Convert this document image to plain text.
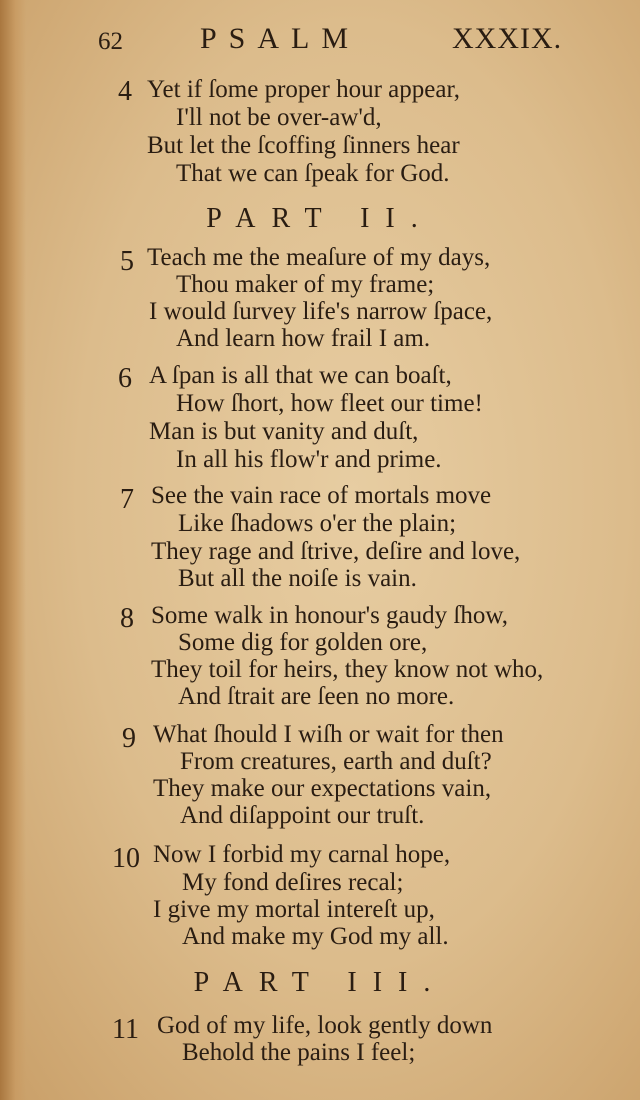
62	PSALM	XXXIX.
4 Yet if ſome proper hour appear,
I'll not be over-aw'd,
But let the ſcoffing ſinners hear
That we can ſpeak for God.
PART II.
5 Teach me the meaſure of my days,
Thou maker of my frame;
I would ſurvey life's narrow ſpace,
And learn how frail I am.
6 A ſpan is all that we can boaſt,
How ſhort, how fleet our time!
Man is but vanity and duſt,
In all his flow'r and prime.
7 See the vain race of mortals move
Like ſhadows o'er the plain;
They rage and ſtrive, deſire and love,
But all the noiſe is vain.
8 Some walk in honour's gaudy ſhow,
Some dig for golden ore,
They toil for heirs, they know not who,
And ſtrait are ſeen no more.
9 What ſhould I wiſh or wait for then
From creatures, earth and duſt?
They make our expectations vain,
And diſappoint our truſt.
10 Now I forbid my carnal hope,
My fond deſires recal;
I give my mortal intereſt up,
And make my God my all.
PART III.
11 God of my life, look gently down
Behold the pains I feel;
